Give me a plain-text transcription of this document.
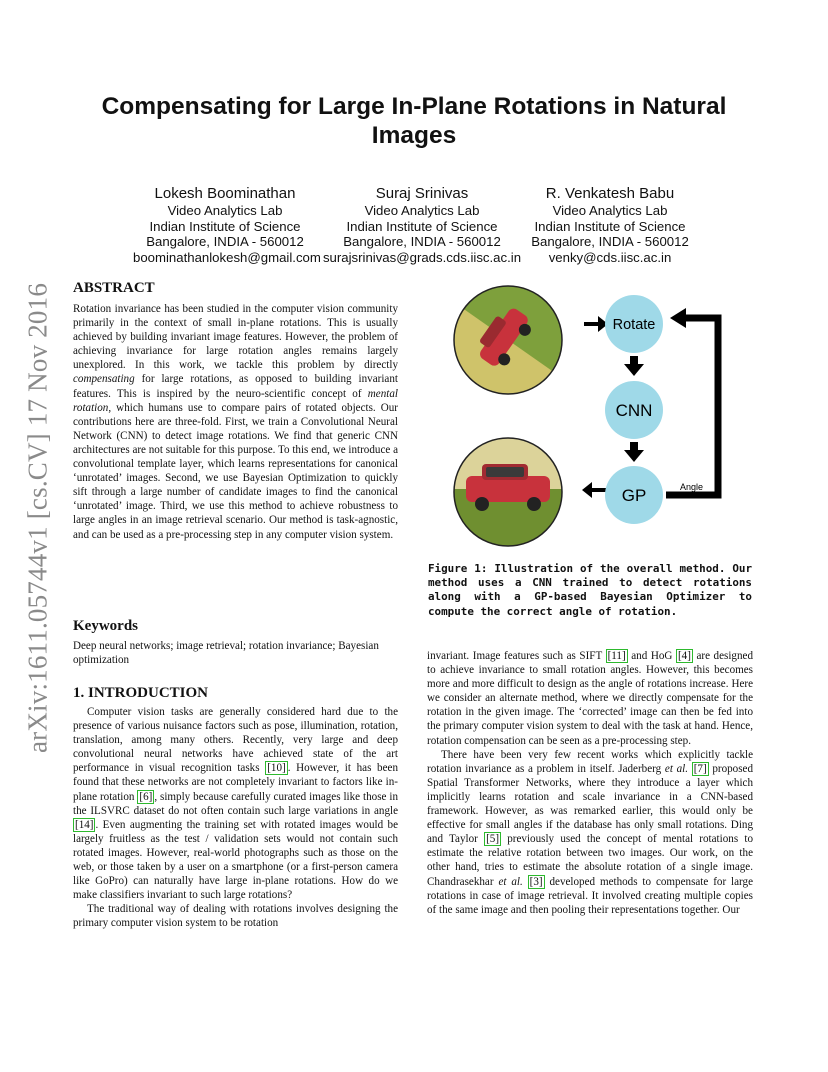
Compensating for Large In-Plane Rotations in Natural Images
Lokesh Boominathan
Video Analytics Lab
Indian Institute of Science
Bangalore, INDIA - 560012
boominathanlokesh@gmail.com
Suraj Srinivas
Video Analytics Lab
Indian Institute of Science
Bangalore, INDIA - 560012
surajsrinivas@grads.cds.iisc.ac.in
R. Venkatesh Babu
Video Analytics Lab
Indian Institute of Science
Bangalore, INDIA - 560012
venky@cds.iisc.ac.in
arXiv:1611.05744v1 [cs.CV] 17 Nov 2016 ABSTRACT

Rotation invariance has been studied in the computer vision community primarily in the context of small in-plane rotations. This is usually achieved by building invariant image features. However, the problem of achieving invariance for large rotation angles remains largely unexplored. In this work, we tackle this problem by directly compensating for large rotations, as opposed to building invariant features. This is inspired by the neuro-scientific concept of mental rotation, which humans use to compare pairs of rotated objects. Our contributions here are three-fold. First, we train a Convolutional Neural Network (CNN) to detect image rotations. We find that generic CNN architectures are not suitable for this purpose. To this end, we introduce a convolutional template layer, which learns representations for canonical ‘unrotated’ images. Second, we use Bayesian Optimization to quickly sift through a large number of candidate images to find the canonical ‘unrotated’ image. Third, we use this method to achieve robustness to large angles in an image retrieval scenario. Our method is task-agnostic, and can be used as a pre-processing step in any computer vision system.

Keywords

Deep neural networks; image retrieval; rotation invariance; Bayesian optimization

1. INTRODUCTION

Computer vision tasks are generally considered hard due to the presence of various nuisance factors such as pose, illumination, rotation, translation, among many others. Recently, very large and deep convolutional neural networks have achieved state of the art performance in visual recognition tasks [10] . However, it has been found that these networks are not completely invariant to factors like in-plane rotation [6] , simply because carefully curated images like those in the ILSVRC dataset do not often contain such large variations in angle [14] . Even augmenting the training set with rotated images would be largely fruitless as the test / validation sets would not contain such rotated images. However, real-world photographs such as those on the web, or those taken by a user on a smartphone (or a first-person camera like GoPro) can naturally have large in-plane rotations. How do we make classifiers invariant to such large rotations?

The traditional way of dealing with rotations involves designing the primary computer vision system to be rotation

invariant. Image features such as SIFT [11] and HoG [4] are designed to achieve invariance to small rotation angles. However, this becomes more and more difficult to design as the angle of rotations increase. Here we consider an alternate method, where we directly compensate for the rotation in the given image. The ‘corrected’ image can then be fed into the primary computer vision system to deal with the task at hand. Hence, rotation compensation can be seen as a pre-processing step.

There have been very few recent works which explicitly tackle rotation invariance as a problem in itself. Jaderberg et al. [7] proposed Spatial Transformer Networks, where they introduce a layer which implicitly learns rotation and scale invariance in a CNN-based framework. However, as was remarked earlier, this would only be effective for small angles if the database has only small rotations. Ding and Taylor [5] previously used the concept of mental rotations to estimate the relative rotation between two images. Our work, on the other hand, tries to estimate the absolute rotation of a single image. Chandrasekhar et al. [3] developed methods to compensate for large rotations in case of image retrieval. It involved creating multiple copies of the same image and then pooling their representations together. Our

Rotate
CNN
GP	Angle
Figure 1: Illustration of the overall method. Our method uses a CNN trained to detect rotations along with a GP-based Bayesian Optimizer to compute the correct angle of rotation.
